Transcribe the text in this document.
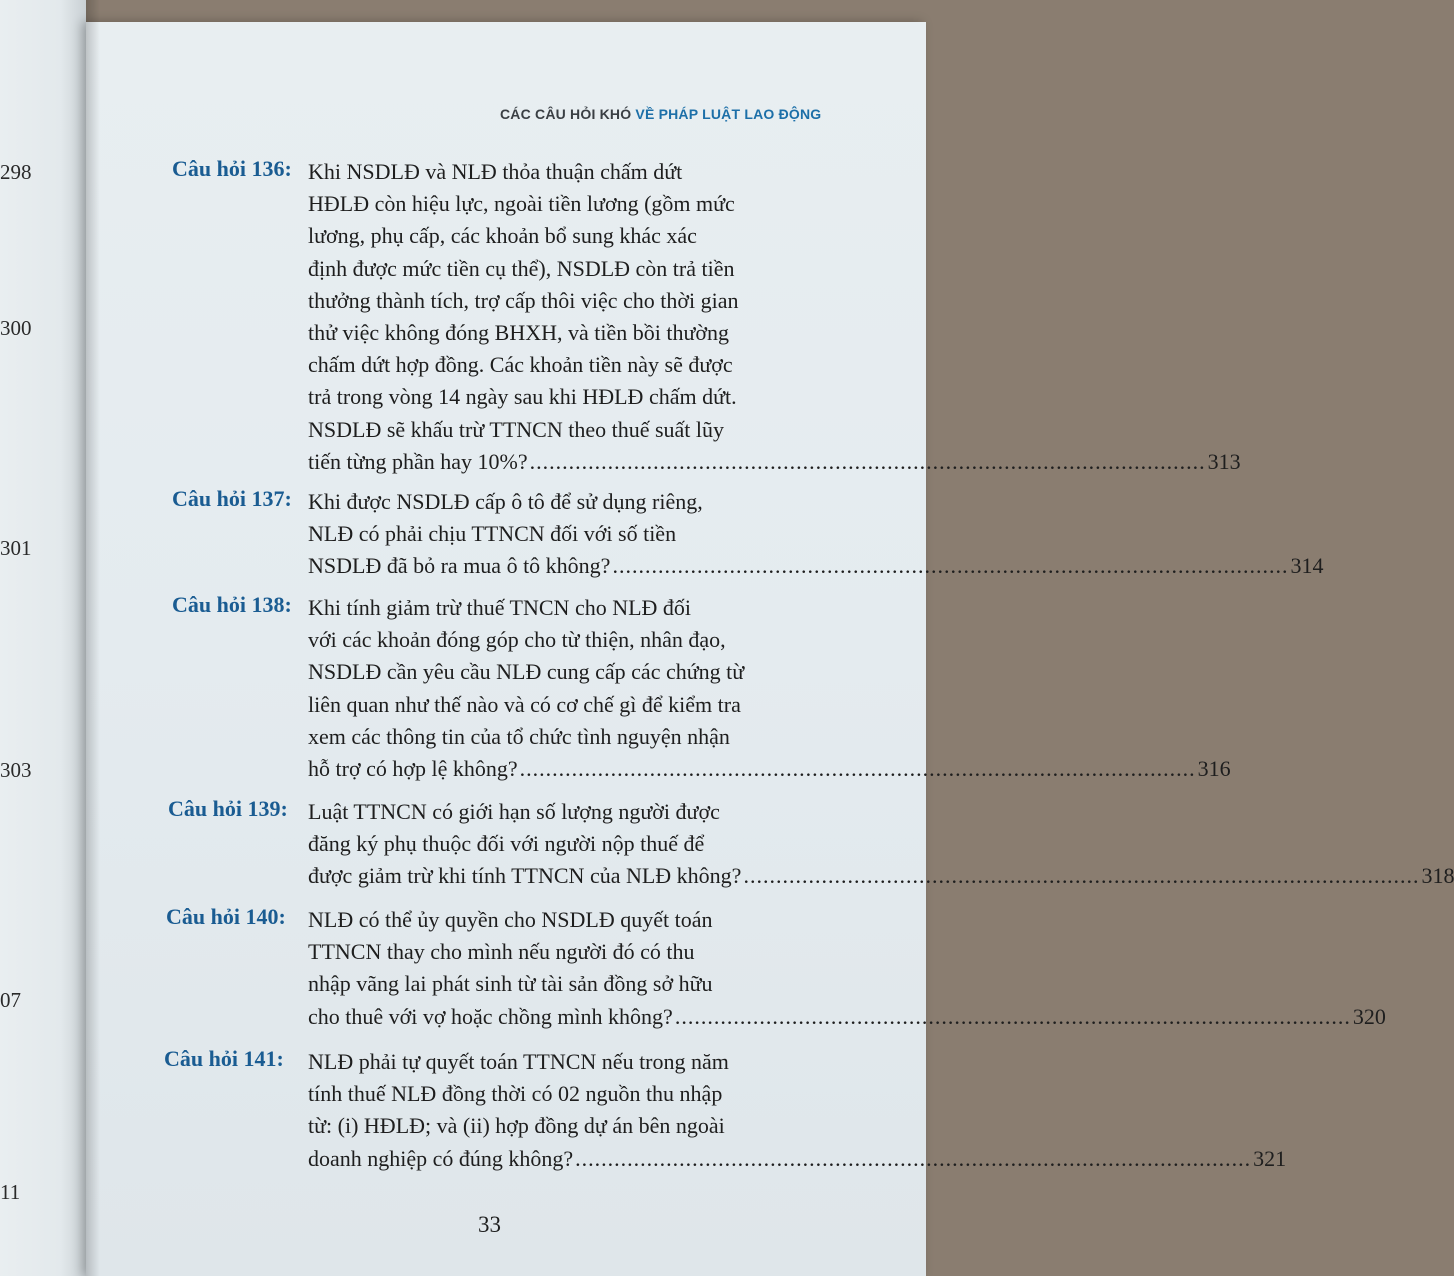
298
300
301
303
07
11
CÁC CÂU HỎI KHÓ VỀ PHÁP LUẬT LAO ĐỘNG
Câu hỏi 136: Khi NSDLĐ và NLĐ thỏa thuận chấm dứt
HĐLĐ còn hiệu lực, ngoài tiền lương (gồm mức
lương, phụ cấp, các khoản bổ sung khác xác
định được mức tiền cụ thể), NSDLĐ còn trả tiền
thưởng thành tích, trợ cấp thôi việc cho thời gian
thử việc không đóng BHXH, và tiền bồi thường
chấm dứt hợp đồng. Các khoản tiền này sẽ được
trả trong vòng 14 ngày sau khi HĐLĐ chấm dứt.
NSDLĐ sẽ khấu trừ TTNCN theo thuế suất lũy
tiến từng phần hay 10%? ........................................................................................................ 313
Câu hỏi 137: Khi được NSDLĐ cấp ô tô để sử dụng riêng,
NLĐ có phải chịu TTNCN đối với số tiền
NSDLĐ đã bỏ ra mua ô tô không? ........................................................................................................ 314
Câu hỏi 138: Khi tính giảm trừ thuế TNCN cho NLĐ đối
với các khoản đóng góp cho từ thiện, nhân đạo,
NSDLĐ cần yêu cầu NLĐ cung cấp các chứng từ
liên quan như thế nào và có cơ chế gì để kiểm tra
xem các thông tin của tổ chức tình nguyện nhận
hỗ trợ có hợp lệ không? ........................................................................................................ 316
Câu hỏi 139: Luật TTNCN có giới hạn số lượng người được
đăng ký phụ thuộc đối với người nộp thuế để
được giảm trừ khi tính TTNCN của NLĐ không? ........................................................................................................ 318
Câu hỏi 140: NLĐ có thể ủy quyền cho NSDLĐ quyết toán
TTNCN thay cho mình nếu người đó có thu
nhập vãng lai phát sinh từ tài sản đồng sở hữu
cho thuê với vợ hoặc chồng mình không? ........................................................................................................ 320
Câu hỏi 141: NLĐ phải tự quyết toán TTNCN nếu trong năm
tính thuế NLĐ đồng thời có 02 nguồn thu nhập
từ: (i) HĐLĐ; và (ii) hợp đồng dự án bên ngoài
doanh nghiệp có đúng không? ........................................................................................................ 321
33
